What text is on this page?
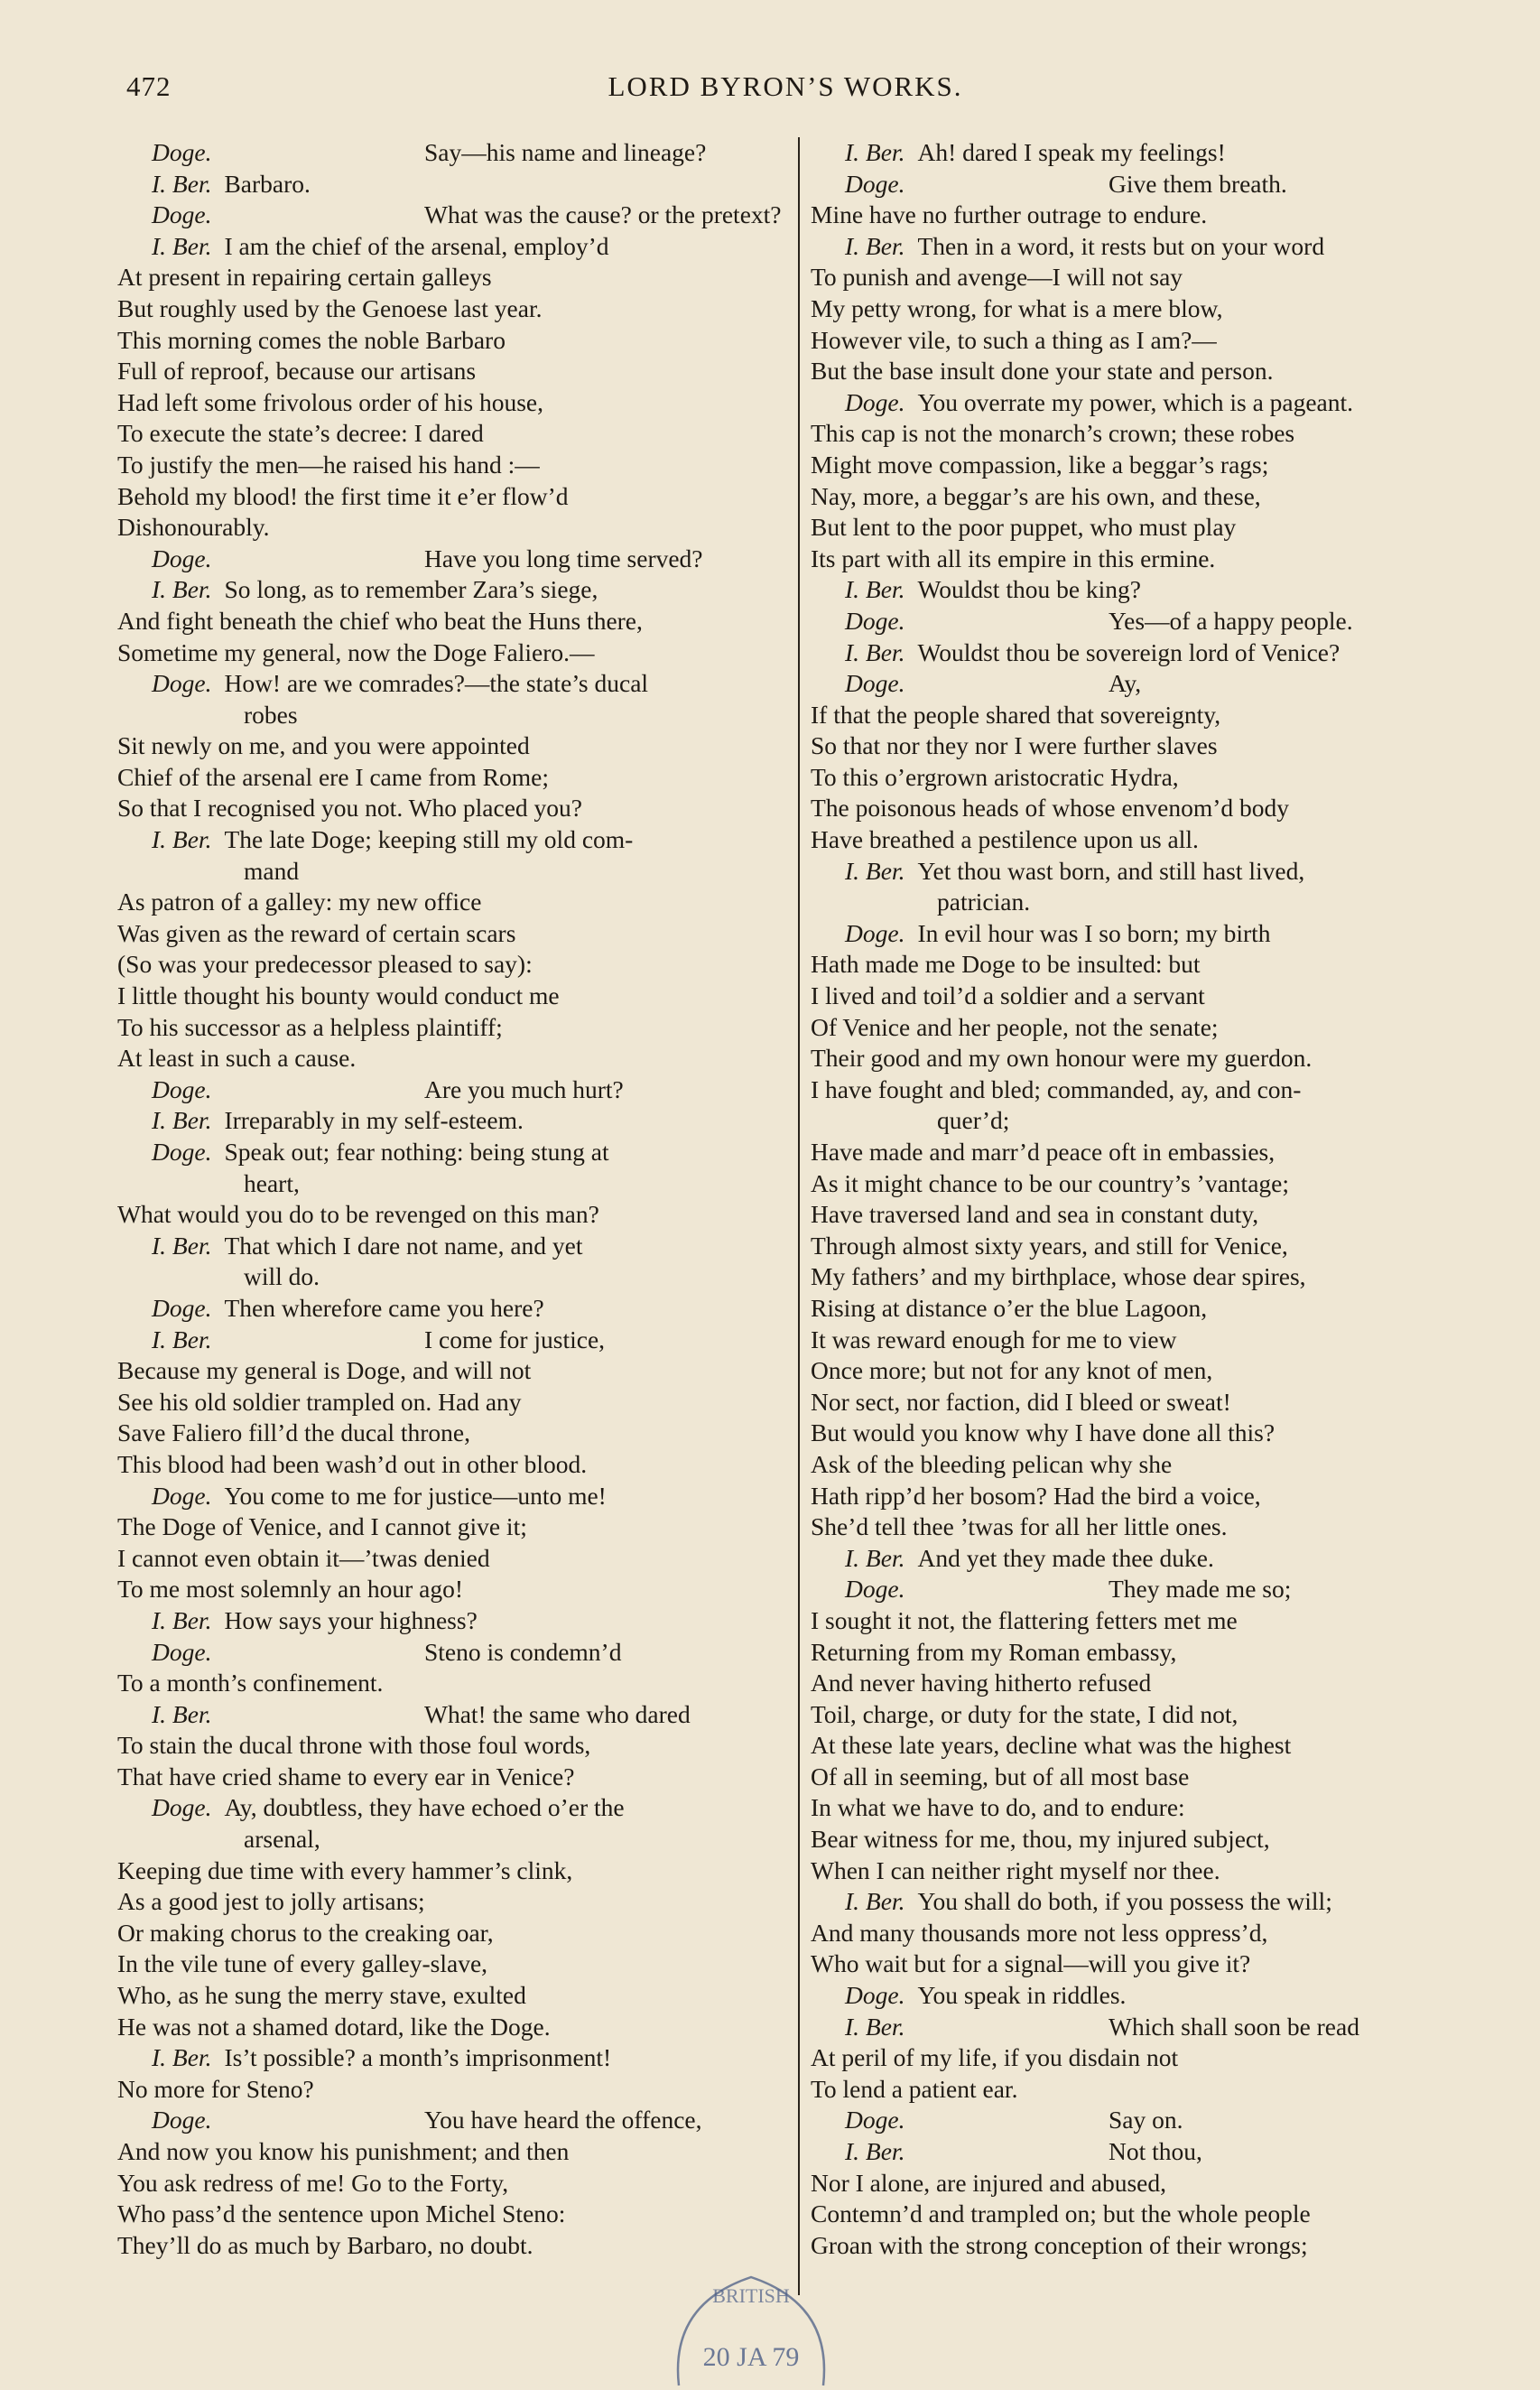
472	LORD BYRON’S WORKS.
Doge.	Say—his name and lineage?
I. Ber. Barbaro.
Doge.	What was the cause? or the pretext?
I. Ber. I am the chief of the arsenal, employ’d
At present in repairing certain galleys
But roughly used by the Genoese last year.
This morning comes the noble Barbaro
Full of reproof, because our artisans
Had left some frivolous order of his house,
To execute the state’s decree: I dared
To justify the men—he raised his hand :—
Behold my blood! the first time it e’er flow’d
Dishonourably.
Doge.	Have you long time served?
I. Ber. So long, as to remember Zara’s siege,
And fight beneath the chief who beat the Huns there,
Sometime my general, now the Doge Faliero.—
Doge. How! are we comrades?—the state’s ducal
robes
Sit newly on me, and you were appointed
Chief of the arsenal ere I came from Rome;
So that I recognised you not. Who placed you?
I. Ber. The late Doge; keeping still my old com-
mand
As patron of a galley: my new office
Was given as the reward of certain scars
(So was your predecessor pleased to say):
I little thought his bounty would conduct me
To his successor as a helpless plaintiff;
At least in such a cause.
Doge.	Are you much hurt?
I. Ber. Irreparably in my self-esteem.
Doge. Speak out; fear nothing: being stung at
heart,
What would you do to be revenged on this man?
I. Ber. That which I dare not name, and yet
will do.
Doge. Then wherefore came you here?
I. Ber.	I come for justice,
Because my general is Doge, and will not
See his old soldier trampled on. Had any
Save Faliero fill’d the ducal throne,
This blood had been wash’d out in other blood.
Doge. You come to me for justice—unto me!
The Doge of Venice, and I cannot give it;
I cannot even obtain it—’twas denied
To me most solemnly an hour ago!
I. Ber. How says your highness?
Doge.	Steno is condemn’d
To a month’s confinement.
I. Ber.	What! the same who dared
To stain the ducal throne with those foul words,
That have cried shame to every ear in Venice?
Doge. Ay, doubtless, they have echoed o’er the
arsenal,
Keeping due time with every hammer’s clink,
As a good jest to jolly artisans;
Or making chorus to the creaking oar,
In the vile tune of every galley-slave,
Who, as he sung the merry stave, exulted
He was not a shamed dotard, like the Doge.
I. Ber. Is’t possible? a month’s imprisonment!
No more for Steno?
Doge.	You have heard the offence,
And now you know his punishment; and then
You ask redress of me! Go to the Forty,
Who pass’d the sentence upon Michel Steno:
They’ll do as much by Barbaro, no doubt.
I. Ber. Ah! dared I speak my feelings!
Doge.	Give them breath.
Mine have no further outrage to endure.
I. Ber. Then in a word, it rests but on your word
To punish and avenge—I will not say
My petty wrong, for what is a mere blow,
However vile, to such a thing as I am?—
But the base insult done your state and person.
Doge. You overrate my power, which is a pageant.
This cap is not the monarch’s crown; these robes
Might move compassion, like a beggar’s rags;
Nay, more, a beggar’s are his own, and these,
But lent to the poor puppet, who must play
Its part with all its empire in this ermine.
I. Ber. Wouldst thou be king?
Doge.	Yes—of a happy people.
I. Ber. Wouldst thou be sovereign lord of Venice?
Doge.	Ay,
If that the people shared that sovereignty,
So that nor they nor I were further slaves
To this o’ergrown aristocratic Hydra,
The poisonous heads of whose envenom’d body
Have breathed a pestilence upon us all.
I. Ber. Yet thou wast born, and still hast lived,
patrician.
Doge. In evil hour was I so born; my birth
Hath made me Doge to be insulted: but
I lived and toil’d a soldier and a servant
Of Venice and her people, not the senate;
Their good and my own honour were my guerdon.
I have fought and bled; commanded, ay, and con-
quer’d;
Have made and marr’d peace oft in embassies,
As it might chance to be our country’s ’vantage;
Have traversed land and sea in constant duty,
Through almost sixty years, and still for Venice,
My fathers’ and my birthplace, whose dear spires,
Rising at distance o’er the blue Lagoon,
It was reward enough for me to view
Once more; but not for any knot of men,
Nor sect, nor faction, did I bleed or sweat!
But would you know why I have done all this?
Ask of the bleeding pelican why she
Hath ripp’d her bosom? Had the bird a voice,
She’d tell thee ’twas for all her little ones.
I. Ber. And yet they made thee duke.
Doge.	They made me so;
I sought it not, the flattering fetters met me
Returning from my Roman embassy,
And never having hitherto refused
Toil, charge, or duty for the state, I did not,
At these late years, decline what was the highest
Of all in seeming, but of all most base
In what we have to do, and to endure:
Bear witness for me, thou, my injured subject,
When I can neither right myself nor thee.
I. Ber. You shall do both, if you possess the will;
And many thousands more not less oppress’d,
Who wait but for a signal—will you give it?
Doge. You speak in riddles.
I. Ber.	Which shall soon be read
At peril of my life, if you disdain not
To lend a patient ear.
Doge.	Say on.
I. Ber.	Not thou,
Nor I alone, are injured and abused,
Contemn’d and trampled on; but the whole people
Groan with the strong conception of their wrongs;
BRITISH
20 JA 79
